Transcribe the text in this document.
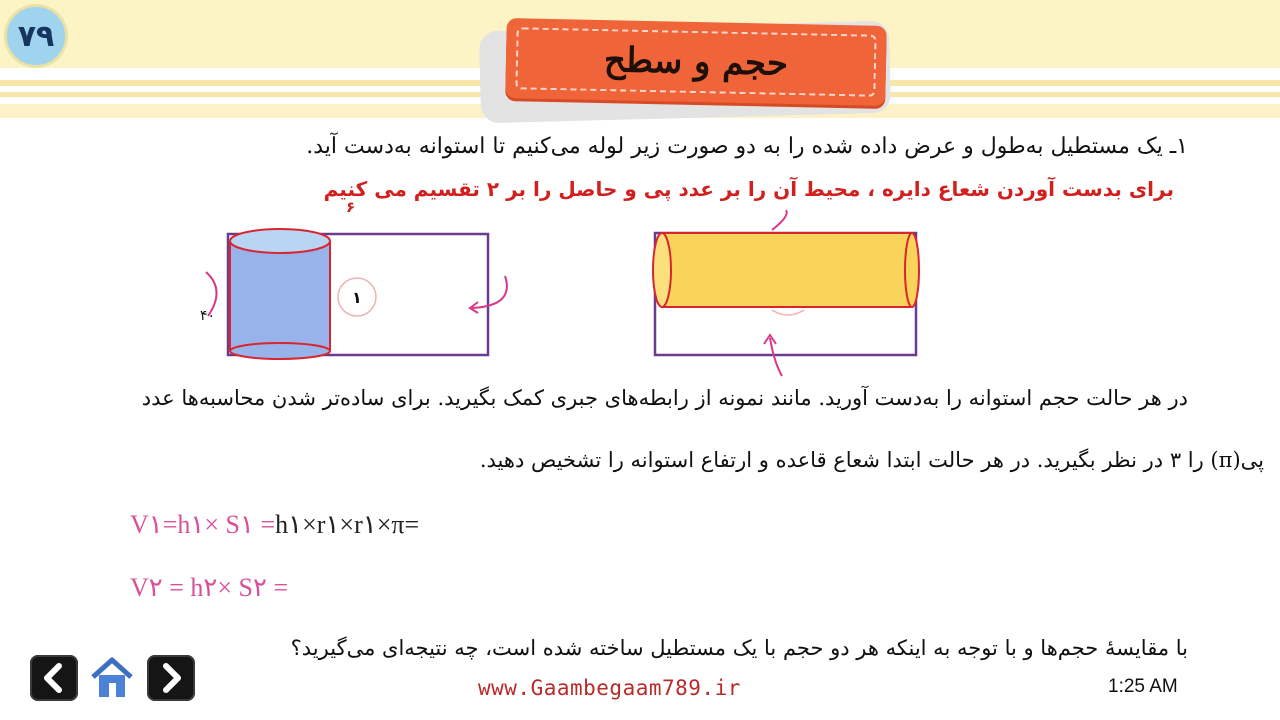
۷۹
حجم و سطح
۱ـ یک مستطیل به‌طول و عرض داده شده را به دو صورت زیر لوله می‌کنیم تا استوانه به‌دست آید.
برای بدست آوردن شعاع دایره ، محیط آن را بر عدد پی و حاصل را بر ۲ تقسیم می کنیم
۶
۴۰
۱
در هر حالت حجم استوانه را به‌دست آورید. مانند نمونه از رابطه‌های جبری کمک بگیرید. برای ساده‌تر شدن محاسبه‌ها عدد
پی(π) را ۳ در نظر بگیرید. در هر حالت ابتدا شعاع قاعده و ارتفاع استوانه را تشخیص دهید.
V١=h١× S١ =h١×r١×r١×π=
V٢ = h٢× S٢ =
با مقایسهٔ حجم‌ها و با توجه به اینکه هر دو حجم با یک مستطیل ساخته شده است، چه نتیجه‌ای می‌گیرید؟
www.Gaambegaam789.ir	1:25 AM
